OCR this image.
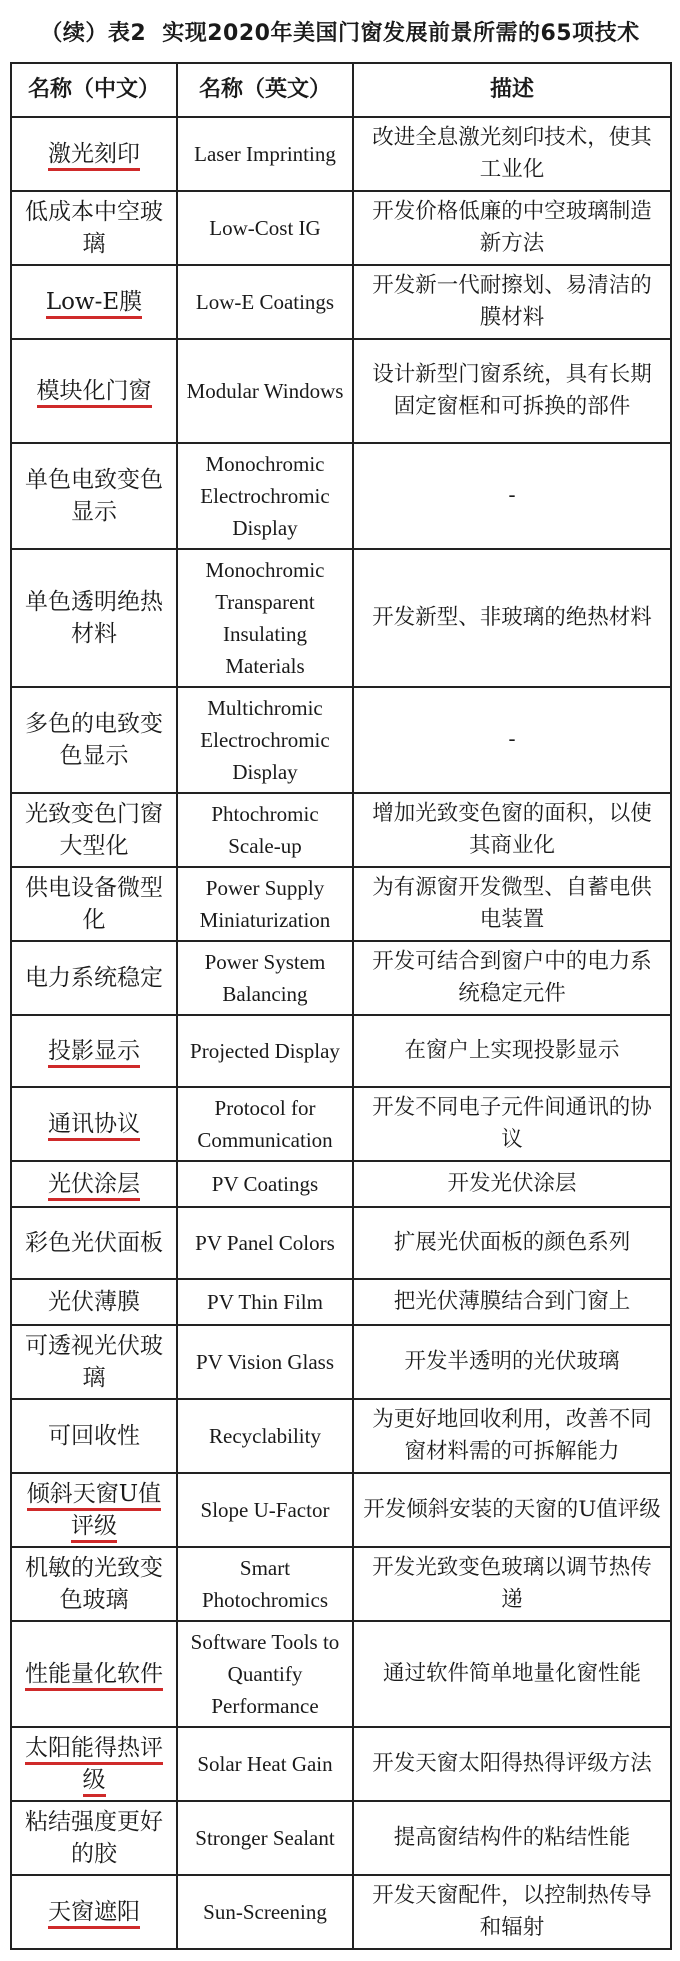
（续）表2 实现2020年美国门窗发展前景所需的65项技术
名称（中文）	名称（英文）	描述
激光刻印	Laser Imprinting	改进全息激光刻印技术，使其工业化
低成本中空玻璃	Low-Cost IG	开发价格低廉的中空玻璃制造新方法
Low-E膜	Low-E Coatings	开发新一代耐擦划、易清洁的膜材料
模块化门窗	Modular Windows	设计新型门窗系统，具有长期固定窗框和可拆换的部件
单色电致变色显示	Monochromic Electrochromic Display	-
单色透明绝热材料	Monochromic Transparent Insulating Materials	开发新型、非玻璃的绝热材料
多色的电致变色显示	Multichromic Electrochromic Display	-
光致变色门窗大型化	Phtochromic Scale-up	增加光致变色窗的面积，以使其商业化
供电设备微型化	Power Supply Miniaturization	为有源窗开发微型、自蓄电供电装置
电力系统稳定	Power System Balancing	开发可结合到窗户中的电力系统稳定元件
投影显示	Projected Display	在窗户上实现投影显示
通讯协议	Protocol for Communication	开发不同电子元件间通讯的协议
光伏涂层	PV Coatings	开发光伏涂层
彩色光伏面板	PV Panel Colors	扩展光伏面板的颜色系列
光伏薄膜	PV Thin Film	把光伏薄膜结合到门窗上
可透视光伏玻璃	PV Vision Glass	开发半透明的光伏玻璃
可回收性	Recyclability	为更好地回收利用，改善不同窗材料需的可拆解能力
倾斜天窗U值评级	Slope U-Factor	开发倾斜安装的天窗的U值评级
机敏的光致变色玻璃	Smart Photochromics	开发光致变色玻璃以调节热传递
性能量化软件	Software Tools to Quantify Performance	通过软件简单地量化窗性能
太阳能得热评级	Solar Heat Gain	开发天窗太阳得热得评级方法
粘结强度更好的胶	Stronger Sealant	提高窗结构件的粘结性能
天窗遮阳	Sun-Screening	开发天窗配件，以控制热传导和辐射
